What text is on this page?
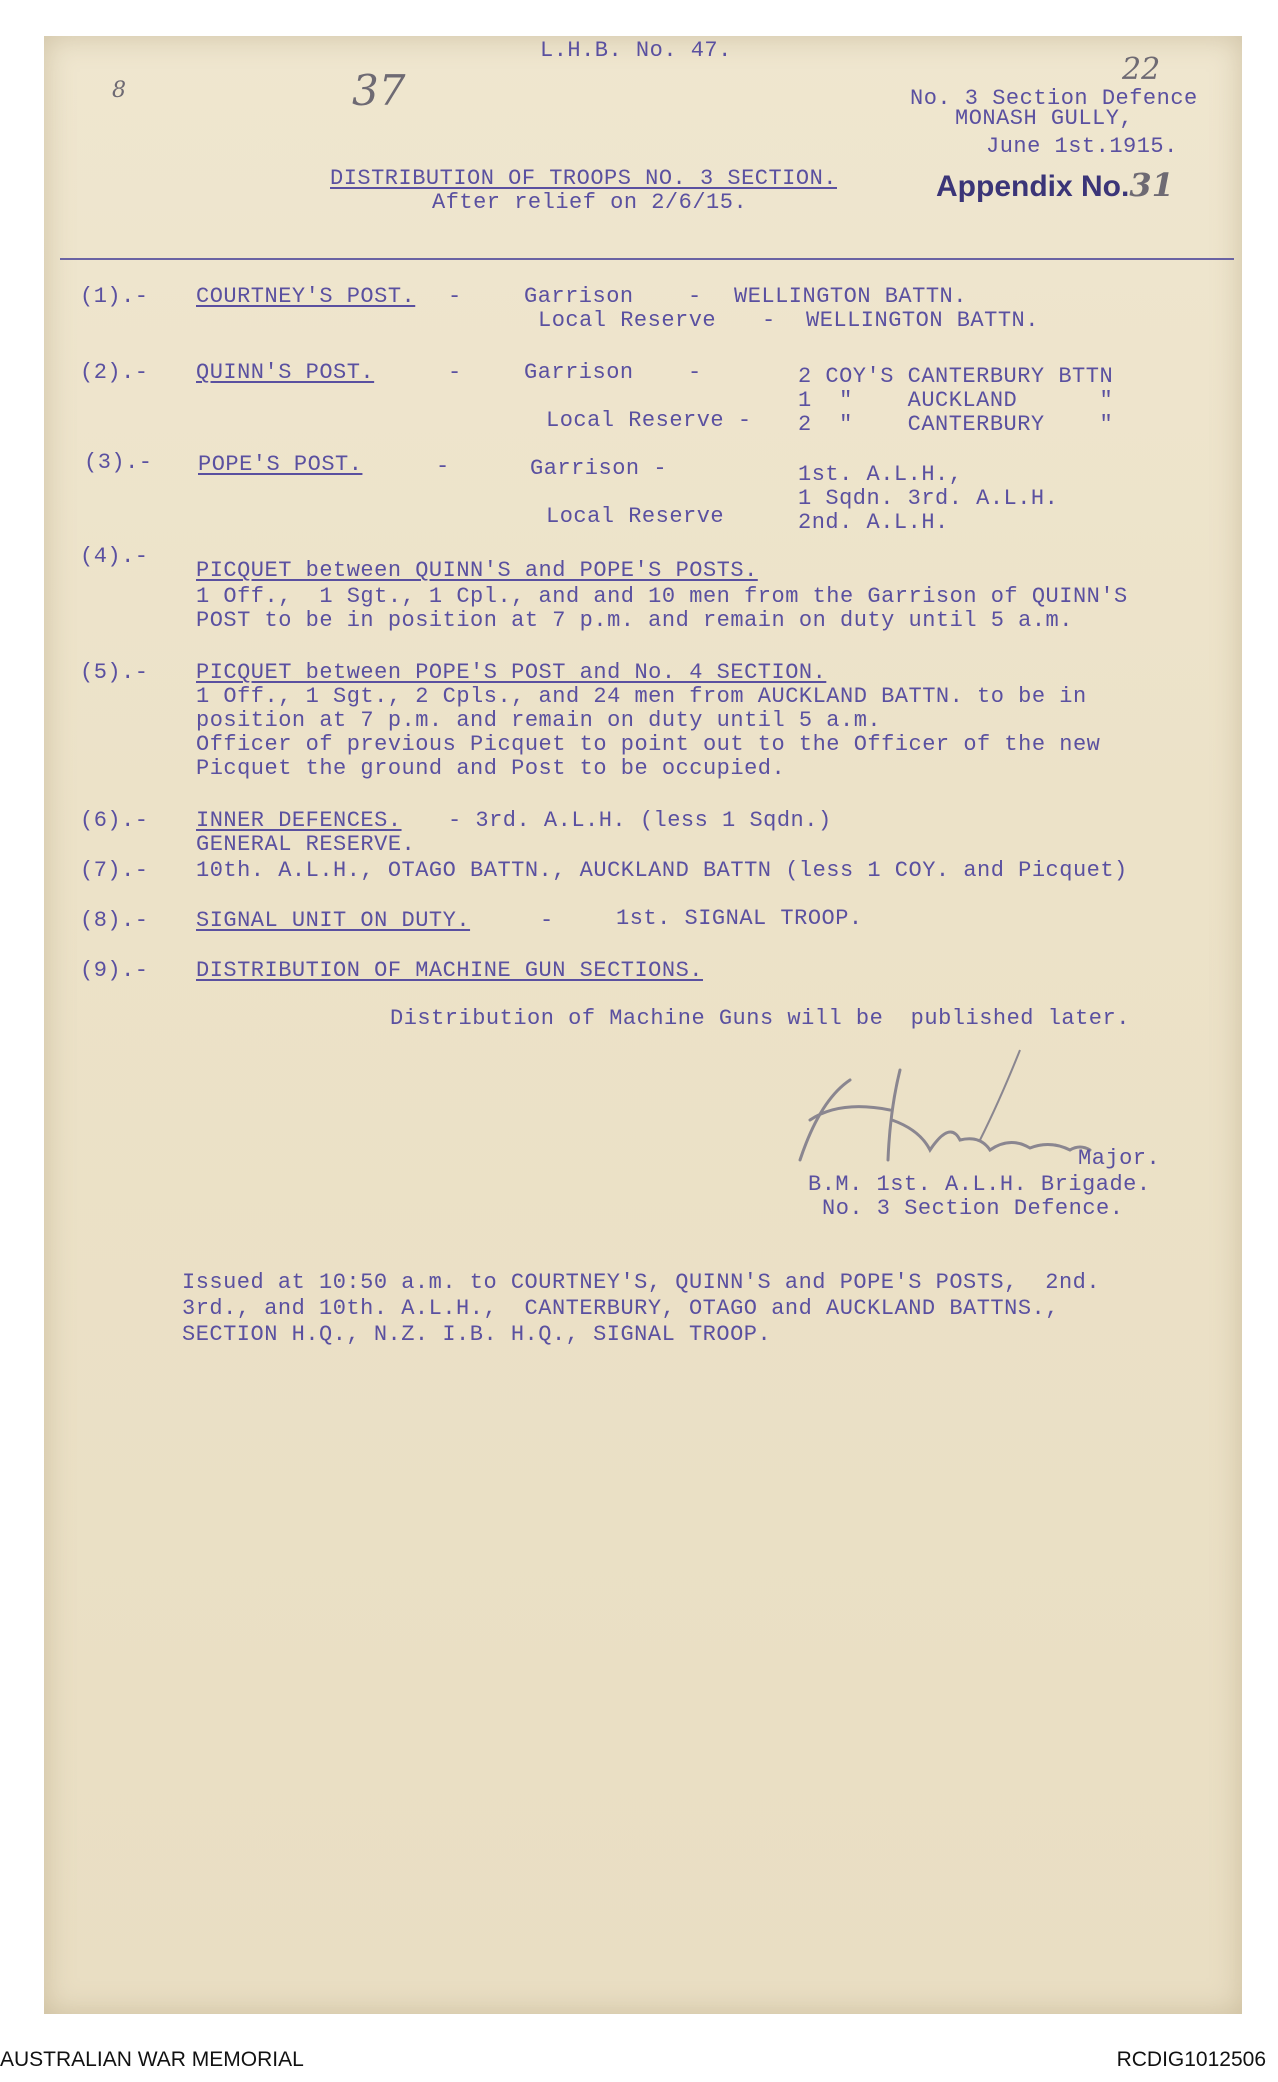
L.H.B. No. 47.
22
37
8	No. 3 Section Defence
MONASH GULLY,
June 1st.1915.
DISTRIBUTION OF TROOPS NO. 3 SECTION.
After relief on 2/6/15.	Appendix No.31
(1).- COURTNEY'S POST. -	Garrison - WELLINGTON BATTN.
Local Reserve - WELLINGTON BATTN.
(2).- QUINN'S POST.	-	Garrison -	2 COY'S CANTERBURY BTTN
1  "    AUCKLAND      "
Local Reserve - 2  "    CANTERBURY    "
(3).- POPE'S POST.	-	Garrison -	1st. A.L.H.,
1 Sqdn. 3rd. A.L.H.
Local Reserve	2nd. A.L.H.
(4).-
PICQUET between QUINN'S and POPE'S POSTS.
1 Off.,  1 Sgt., 1 Cpl., and and 10 men from the Garrison of QUINN'S
POST to be in position at 7 p.m. and remain on duty until 5 a.m.
(5).- PICQUET between POPE'S POST and No. 4 SECTION.
1 Off., 1 Sgt., 2 Cpls., and 24 men from AUCKLAND BATTN. to be in
position at 7 p.m. and remain on duty until 5 a.m.
Officer of previous Picquet to point out to the Officer of the new
Picquet the ground and Post to be occupied.
(6).- INNER DEFENCES. - 3rd. A.L.H. (less 1 Sqdn.)
GENERAL RESERVE.
(7).- 10th. A.L.H., OTAGO BATTN., AUCKLAND BATTN (less 1 COY. and Picquet)
(8).- SIGNAL UNIT ON DUTY.	-	1st. SIGNAL TROOP.
(9).- DISTRIBUTION OF MACHINE GUN SECTIONS.
Distribution of Machine Guns will be  published later.
Major.
B.M. 1st. A.L.H. Brigade.
No. 3 Section Defence.
Issued at 10:50 a.m. to COURTNEY'S, QUINN'S and POPE'S POSTS,  2nd.
3rd., and 10th. A.L.H.,  CANTERBURY, OTAGO and AUCKLAND BATTNS.,
SECTION H.Q., N.Z. I.B. H.Q., SIGNAL TROOP.
AUSTRALIAN WAR MEMORIAL	RCDIG1012506
